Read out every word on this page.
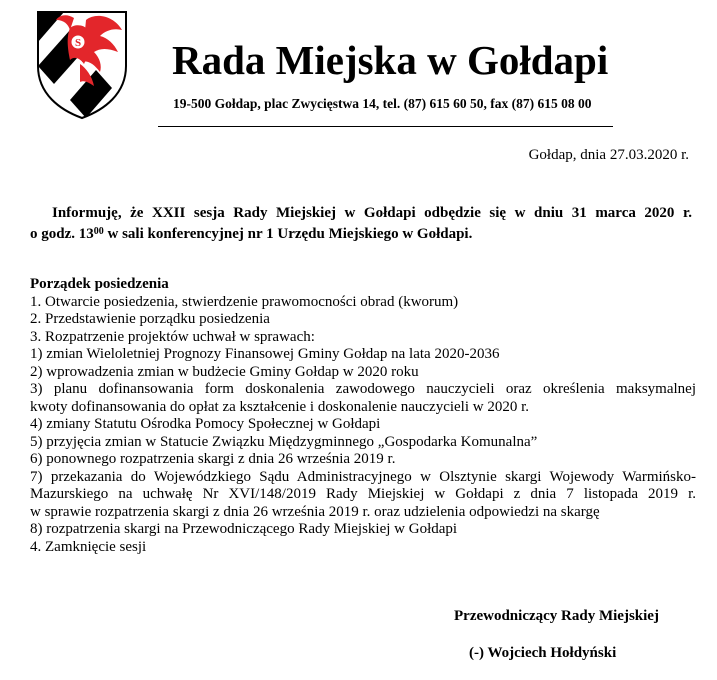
S Rada Miejska w Gołdapi
19-500 Gołdap, plac Zwycięstwa 14, tel. (87) 615 60 50, fax (87) 615 08 00
Gołdap, dnia 27.03.2020 r.
Informuję, że XXII sesja Rady Miejskiej w Gołdapi odbędzie się w dniu 31 marca 2020 r.
o godz. $13^{00}$ w sali konferencyjnej nr 1 Urzędu Miejskiego w Gołdapi.
Porządek posiedzenia
1. Otwarcie posiedzenia, stwierdzenie prawomocności obrad (kworum)
2. Przedstawienie porządku posiedzenia
3. Rozpatrzenie projektów uchwał w sprawach:
1) zmian Wieloletniej Prognozy Finansowej Gminy Gołdap na lata 2020-2036
2) wprowadzenia zmian w budżecie Gminy Gołdap w 2020 roku
3) planu dofinansowania form doskonalenia zawodowego nauczycieli oraz określenia maksymalnej
kwoty dofinansowania do opłat za kształcenie i doskonalenie nauczycieli w 2020 r.
4) zmiany Statutu Ośrodka Pomocy Społecznej w Gołdapi
5) przyjęcia zmian w Statucie Związku Międzygminnego „Gospodarka Komunalna”
6) ponownego rozpatrzenia skargi z dnia 26 września 2019 r.
7) przekazania do Wojewódzkiego Sądu Administracyjnego w Olsztynie skargi Wojewody Warmińsko-
Mazurskiego na uchwałę Nr XVI/148/2019 Rady Miejskiej w Gołdapi z dnia 7 listopada 2019 r.
w sprawie rozpatrzenia skargi z dnia 26 września 2019 r. oraz udzielenia odpowiedzi na skargę
8) rozpatrzenia skargi na Przewodniczącego Rady Miejskiej w Gołdapi
4. Zamknięcie sesji
Przewodniczący Rady Miejskiej
(-) Wojciech Hołdyński
